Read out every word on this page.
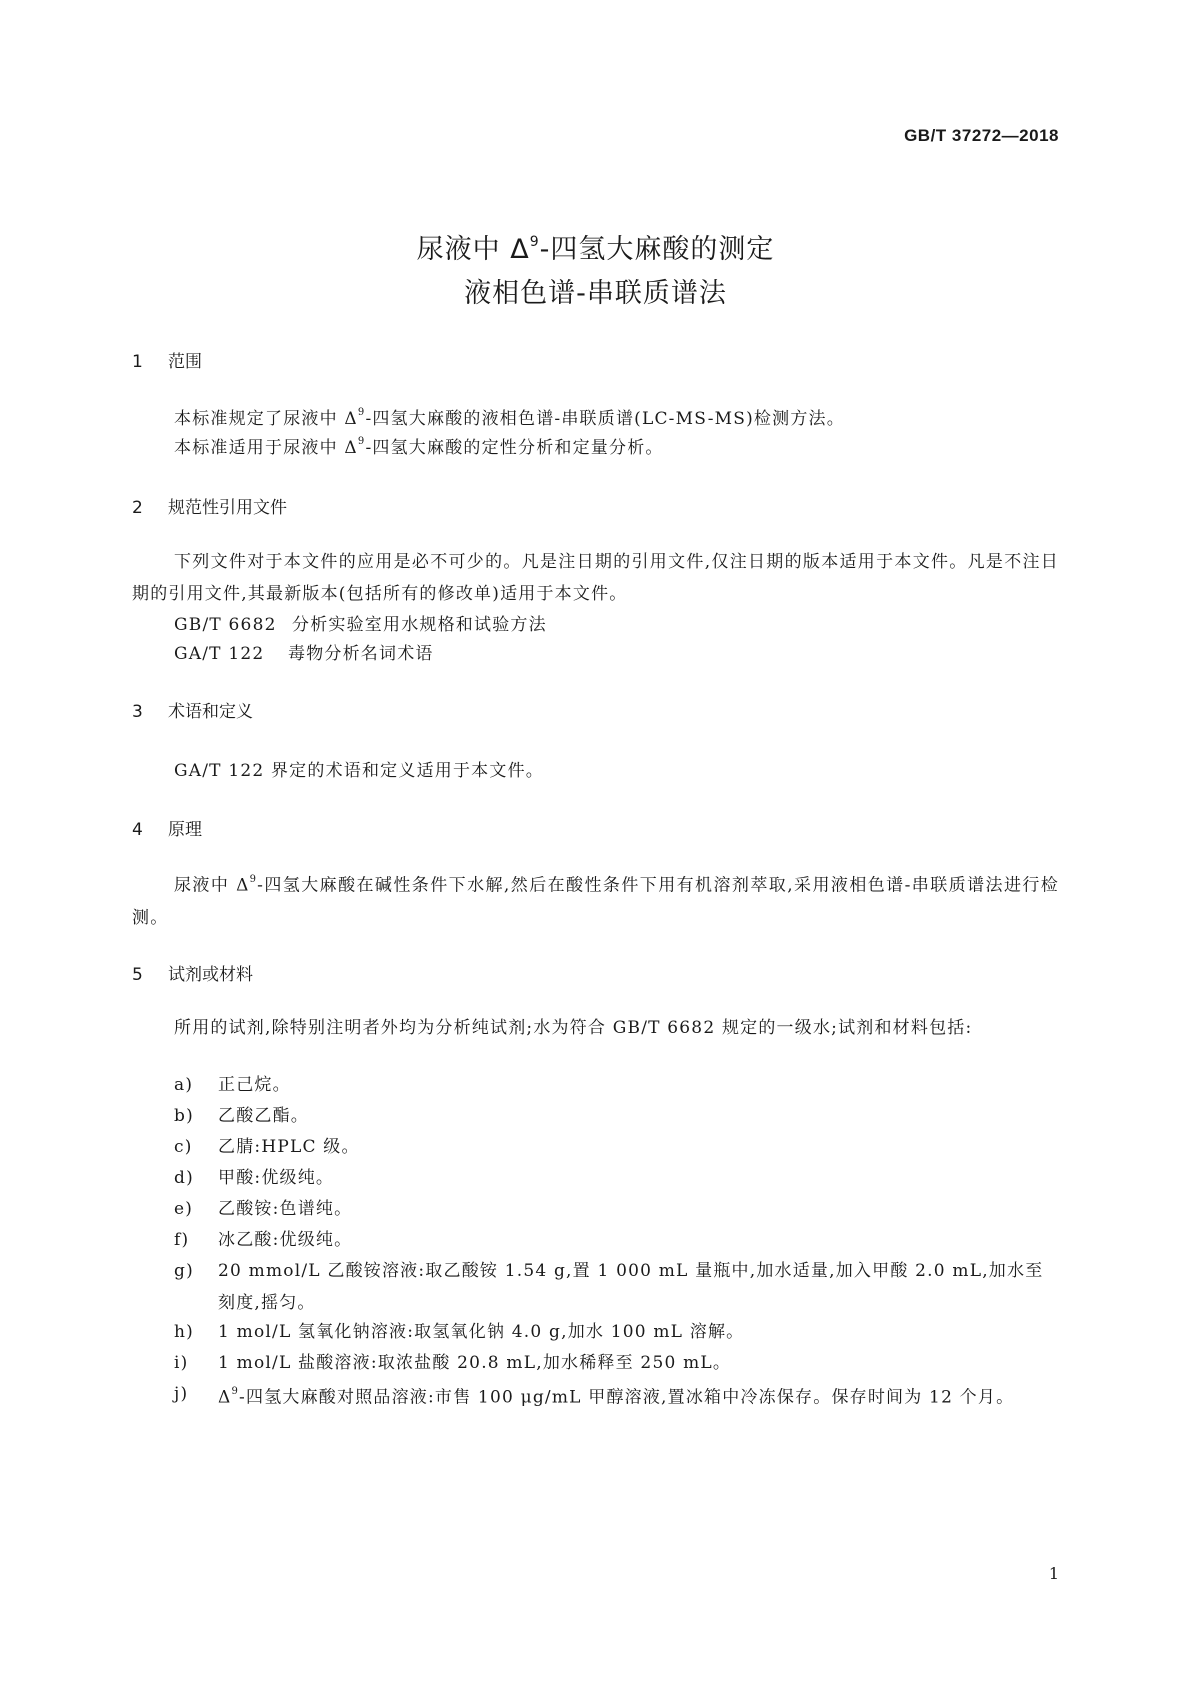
GB/T 37272—2018
尿液中 $\Delta^9-$四氢大麻酸的测定
液相色谱-串联质谱法
1 范围
本标准规定了尿液中 $\Delta^9-$四氢大麻酸的液相色谱-串联质谱(LC-MS-MS)检测方法。
本标准适用于尿液中 $\Delta^9-$四氢大麻酸的定性分析和定量分析。
2 规范性引用文件
下列文件对于本文件的应用是必不可少的。凡是注日期的引用文件,仅注日期的版本适用于本文件。凡是不注日期的引用文件,其最新版本(包括所有的修改单)适用于本文件。
GB/T 6682 分析实验室用水规格和试验方法
GA/T 122 毒物分析名词术语
3 术语和定义
GA/T 122 界定的术语和定义适用于本文件。
4 原理
尿液中 $\Delta^9-$四氢大麻酸在碱性条件下水解,然后在酸性条件下用有机溶剂萃取,采用液相色谱-串联质谱法进行检测。
5 试剂或材料
所用的试剂,除特别注明者外均为分析纯试剂;水为符合 GB/T 6682 规定的一级水;试剂和材料包括:
a)	正己烷。
b)	乙酸乙酯。
c)	乙腈:HPLC 级。
d)	甲酸:优级纯。
e)	乙酸铵:色谱纯。
f)	冰乙酸:优级纯。
g)	20 mmol/L 乙酸铵溶液:取乙酸铵 1.54 g,置 1 000 mL 量瓶中,加水适量,加入甲酸 2.0 mL,加水至刻度,摇匀。
h)	1 mol/L 氢氧化钠溶液:取氢氧化钠 4.0 g,加水 100 mL 溶解。
i)	1 mol/L 盐酸溶液:取浓盐酸 20.8 mL,加水稀释至 250 mL。
j)	$\Delta^9-$四氢大麻酸对照品溶液:市售 100 μg/mL 甲醇溶液,置冰箱中冷冻保存。保存时间为 12 个月。
1
